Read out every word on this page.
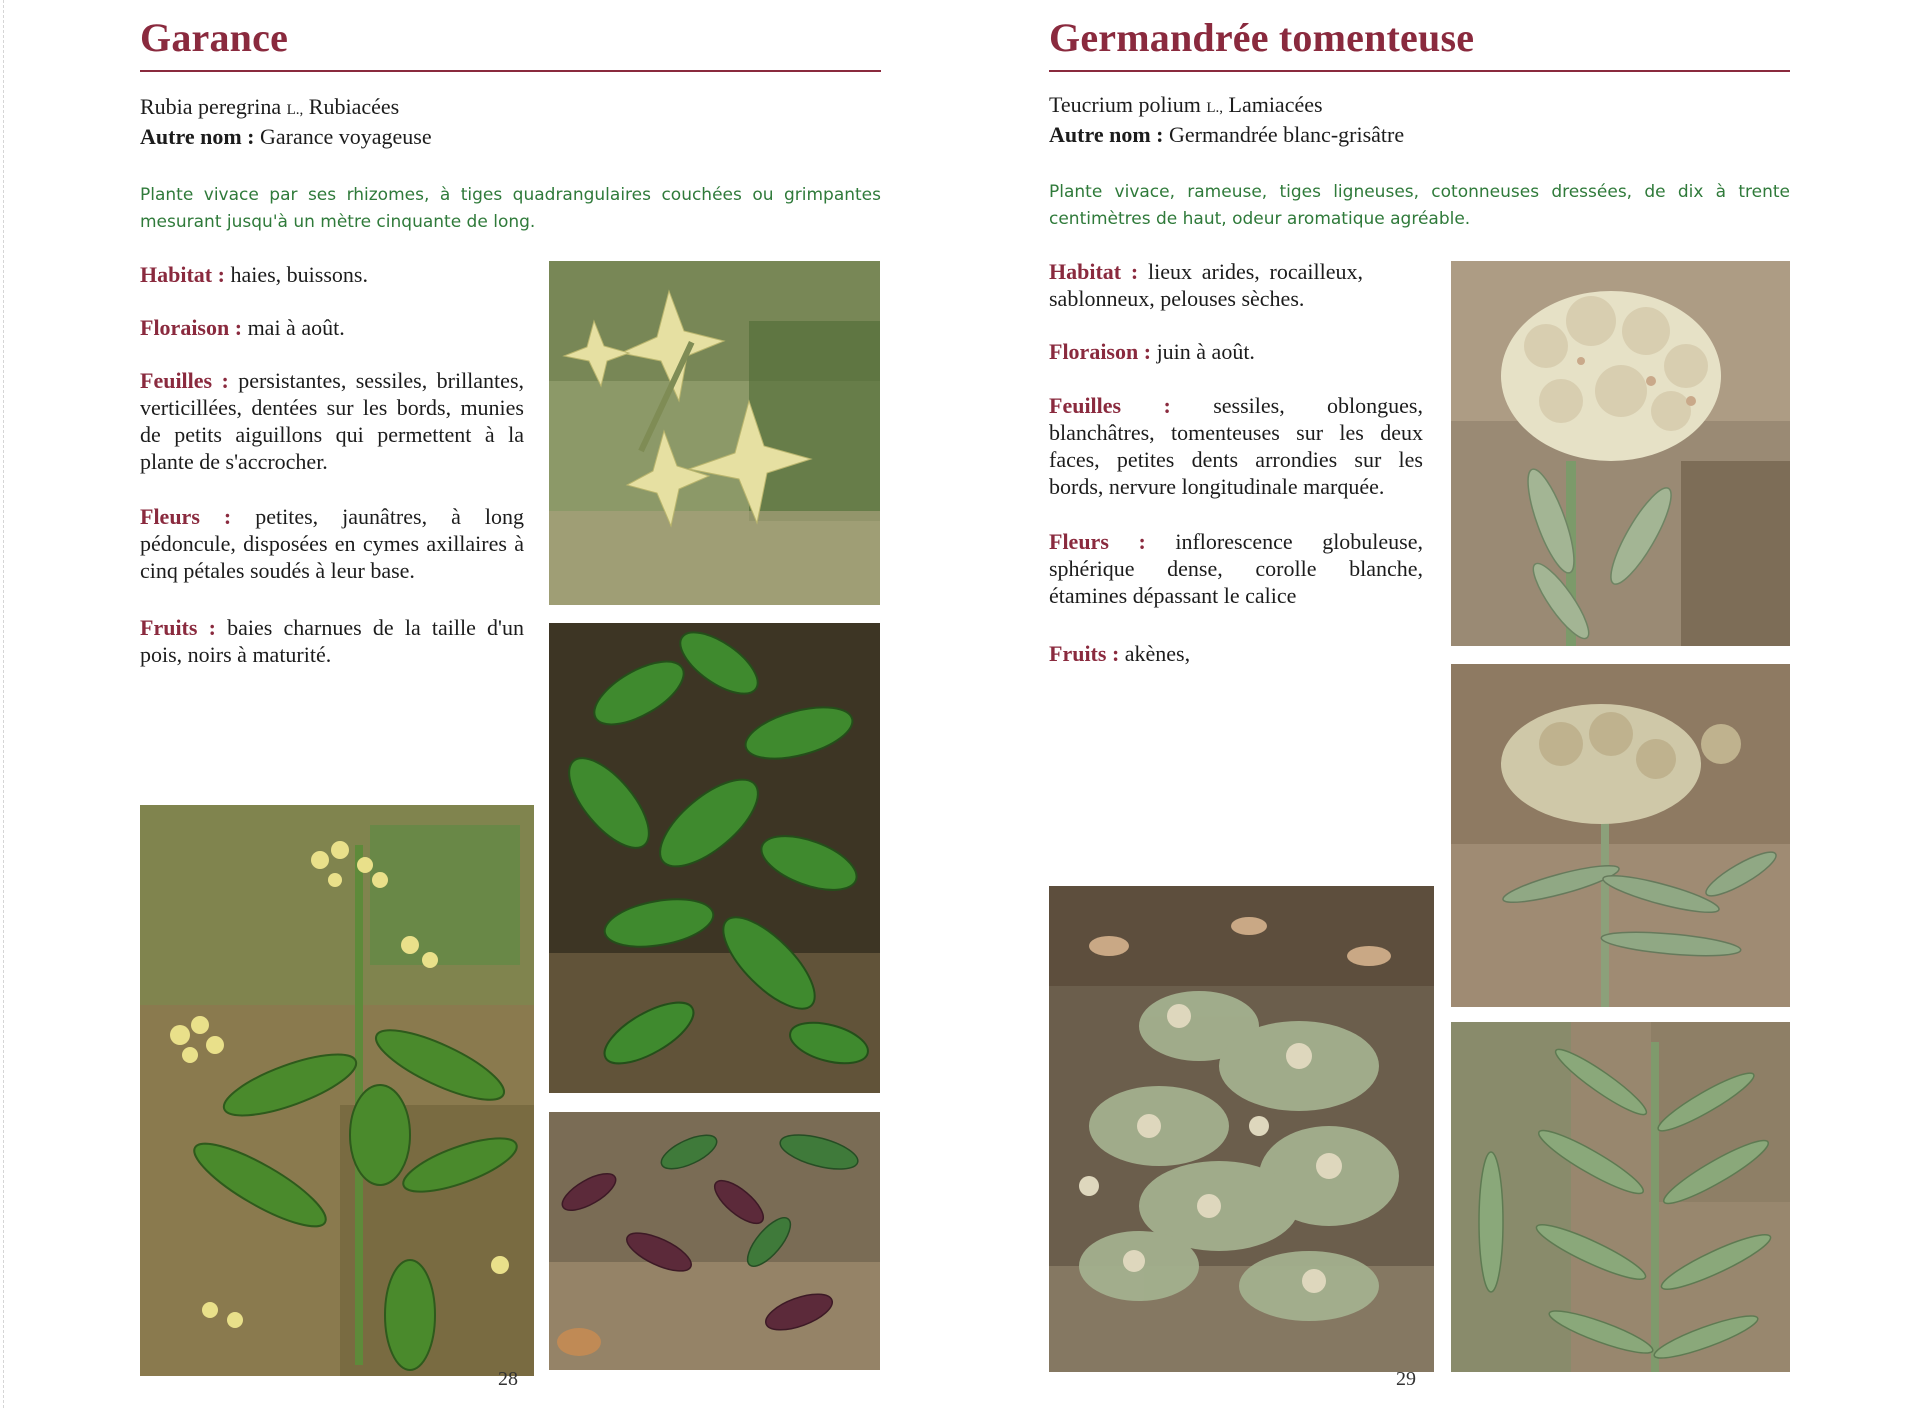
Garance
Rubia peregrina L., Rubiacées
Autre nom : Garance voyageuse

Plante vivace par ses rhizomes, à tiges quadrangulaires couchées ou grimpantes mesurant jusqu'à un mètre cinquante de long.

Habitat : haies, buissons.

Floraison : mai à août.

Feuilles : persistantes, sessiles, brillantes, verticillées, dentées sur les bords, munies de petits aiguillons qui permettent à la plante de s'accrocher.

Fleurs : petites, jaunâtres, à long pédoncule, disposées en cymes axillaires à cinq pétales soudés à leur base.

Fruits : baies charnues de la taille d'un pois, noirs à maturité.

28
Germandrée tomenteuse
Teucrium polium L., Lamiacées
Autre nom : Germandrée blanc-grisâtre

Plante vivace, rameuse, tiges ligneuses, cotonneuses dressées, de dix à trente centimètres de haut, odeur aromatique agréable.

Habitat : lieux arides, rocailleux, sablonneux, pelouses sèches.

Floraison : juin à août.

Feuilles : sessiles, oblongues, blanchâtres, tomenteuses sur les deux faces, petites dents arrondies sur les bords, nervure longitudinale marquée.

Fleurs : inflorescence globuleuse, sphérique dense, corolle blanche, étamines dépassant le calice

Fruits : akènes,

29
